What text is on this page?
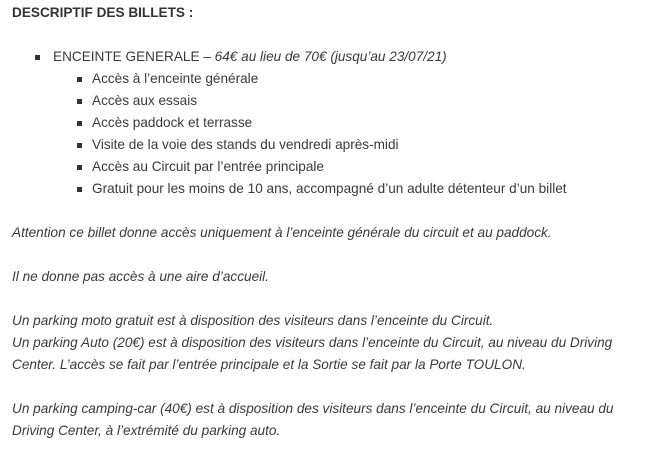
DESCRIPTIF DES BILLETS :

ENCEINTE GENERALE – 64€ au lieu de 70€ (jusqu’au 23/07/21)
Accès à l’enceinte générale
Accès aux essais
Accès paddock et terrasse
Visite de la voie des stands du vendredi après-midi
Accès au Circuit par l’entrée principale
Gratuit pour les moins de 10 ans, accompagné d’un adulte détenteur d’un billet

Attention ce billet donne accès uniquement à l’enceinte générale du circuit et au paddock.

Il ne donne pas accès à une aire d’accueil.

Un parking moto gratuit est à disposition des visiteurs dans l’enceinte du Circuit.

Un parking Auto (20€) est à disposition des visiteurs dans l’enceinte du Circuit, au niveau du Driving Center. L’accès se fait par l’entrée principale et la Sortie se fait par la Porte TOULON.

Un parking camping-car (40€) est à disposition des visiteurs dans l’enceinte du Circuit, au niveau du Driving Center, à l’extrémité du parking auto.
